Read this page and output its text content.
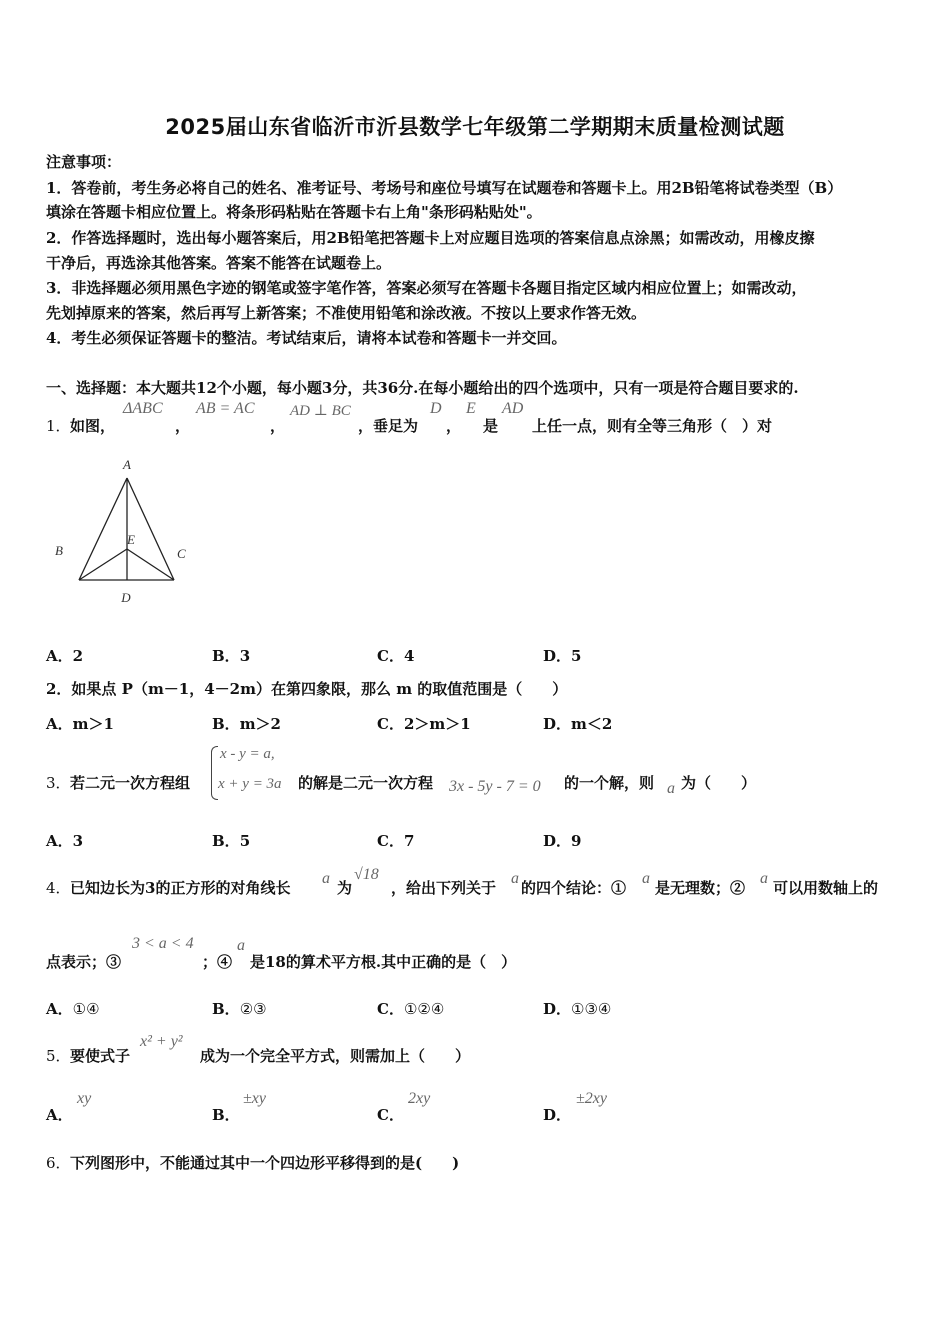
2025届山东省临沂市沂县数学七年级第二学期期末质量检测试题
注意事项：
1．答卷前，考生务必将自己的姓名、准考证号、考场号和座位号填写在试题卷和答题卡上。用2B铅笔将试卷类型（B）
填涂在答题卡相应位置上。将条形码粘贴在答题卡右上角"条形码粘贴处"。
2．作答选择题时，选出每小题答案后，用2B铅笔把答题卡上对应题目选项的答案信息点涂黑；如需改动，用橡皮擦
干净后，再选涂其他答案。答案不能答在试题卷上。
3．非选择题必须用黑色字迹的钢笔或签字笔作答，答案必须写在答题卡各题目指定区域内相应位置上；如需改动，
先划掉原来的答案，然后再写上新答案；不准使用铅笔和涂改液。不按以上要求作答无效。
4．考生必须保证答题卡的整洁。考试结束后，请将本试卷和答题卡一并交回。
一、选择题：本大题共12个小题，每小题3分，共36分.在每小题给出的四个选项中，只有一项是符合题目要求的.
1． 如图，
ΔABC
，
AB = AC
，
AD ⊥ BC
，垂足为
D
，
E
是
AD
上任一点，则有全等三角形（　）对
A
B	C
D
E
A．2	B．3	C．4	D．5
2．如果点 P（m－1，4－2m）在第四象限，那么 m 的取值范围是（　　）
A．m＞1	B．m＞2	C．2＞m＞1	D．m＜2
3． 若二元一次方程组
x - y = a,
x + y = 3a 的解是二元一次方程 3x - 5y - 7 = 0 的一个解，则 a 为（　　）
A．3	B．5	C．7	D．9
4． 已知边长为3的正方形的对角线长
a
为
√18
，给出下列关于
a
的四个结论：①
a
是无理数；②
a
可以用数轴上的
点表示；③
3 < a < 4
；④
a
是18的算术平方根.其中正确的是（　）
A．①④	B．②③	C．①②④	D．①③④
5． 要使式子
x² + y²
成为一个完全平方式，则需加上（　　）
A．
xy
B．
±xy
C．
2xy
D．
±2xy
6． 下列图形中，不能通过其中一个四边形平移得到的是(　　)
